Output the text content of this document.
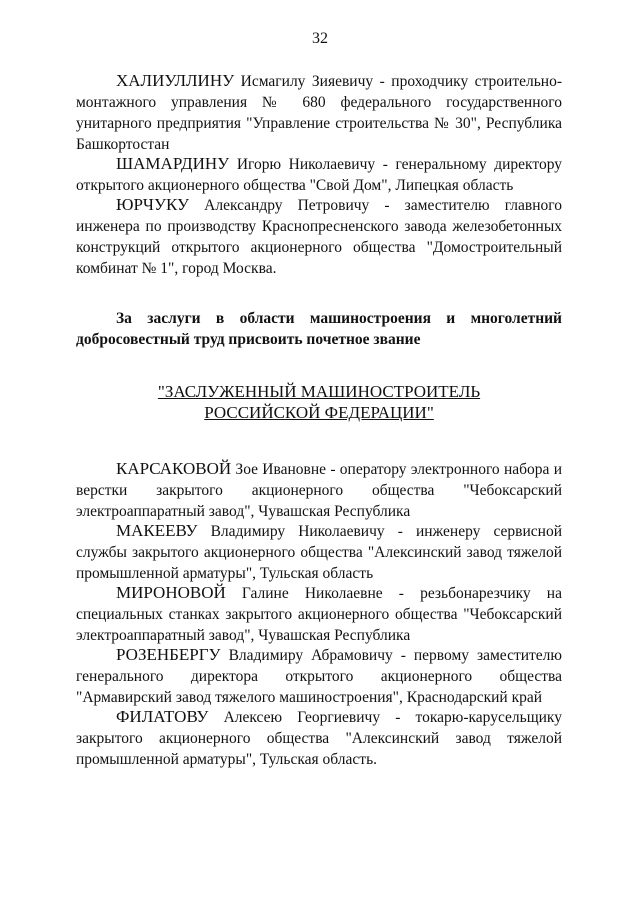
32

ХАЛИУЛЛИНУ Исмагилу Зияевичу - проходчику строительно-монтажного управления № 680 федерального государственного унитарного предприятия "Управление строительства № 30", Республика Башкортостан

ШАМАРДИНУ Игорю Николаевичу - генеральному директору открытого акционерного общества "Свой Дом", Липецкая область

ЮРЧУКУ Александру Петровичу - заместителю главного инженера по производству Краснопресненского завода железобетонных конструкций открытого акционерного общества "Домостроительный комбинат № 1", город Москва.

За заслуги в области машиностроения и многолетний добросовестный труд присвоить почетное звание

"ЗАСЛУЖЕННЫЙ МАШИНОСТРОИТЕЛЬ
РОССИЙСКОЙ ФЕДЕРАЦИИ"

КАРСАКОВОЙ Зое Ивановне - оператору электронного набора и верстки закрытого акционерного общества "Чебоксарский электроаппаратный завод", Чувашская Республика

МАКЕЕВУ Владимиру Николаевичу - инженеру сервисной службы закрытого акционерного общества "Алексинский завод тяжелой промышленной арматуры", Тульская область

МИРОНОВОЙ Галине Николаевне - резьбонарезчику на специальных станках закрытого акционерного общества "Чебоксарский электроаппаратный завод", Чувашская Республика

РОЗЕНБЕРГУ Владимиру Абрамовичу - первому заместителю генерального директора открытого акционерного общества "Армавирский завод тяжелого машиностроения", Краснодарский край

ФИЛАТОВУ Алексею Георгиевичу - токарю-карусельщику закрытого акционерного общества "Алексинский завод тяжелой промышленной арматуры", Тульская область.
